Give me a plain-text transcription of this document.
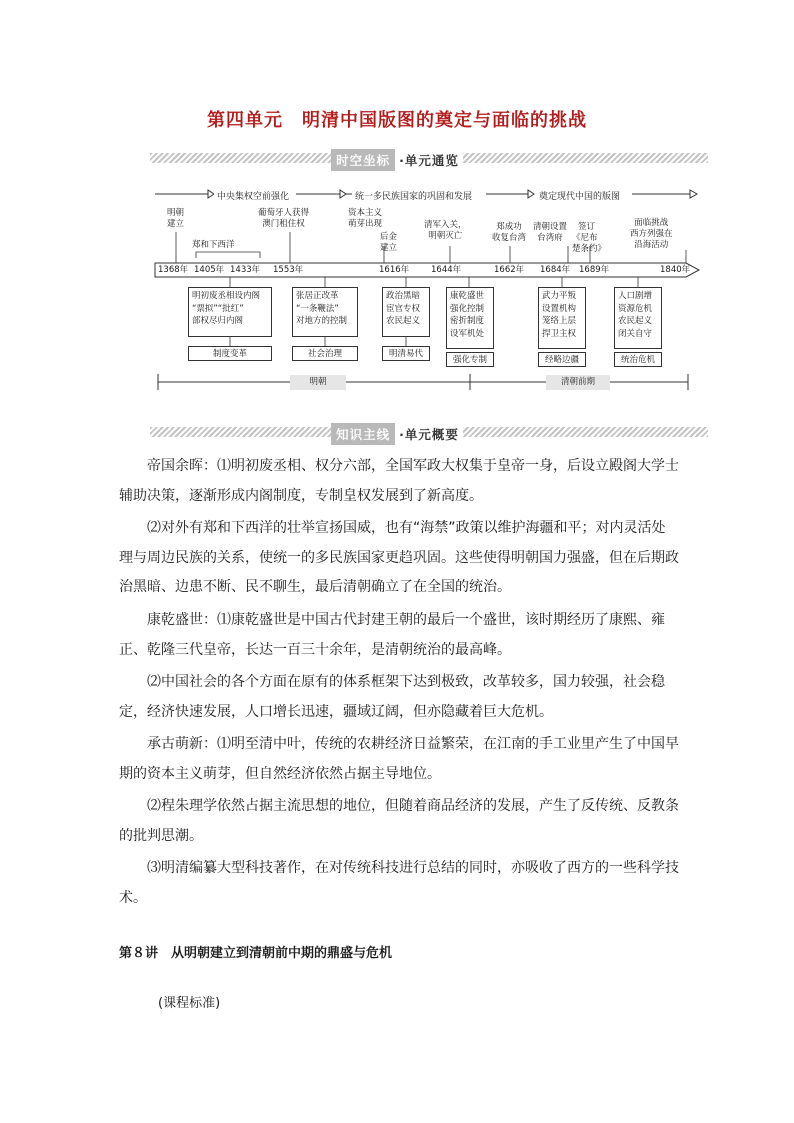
第四单元　明清中国版图的奠定与面临的挑战
时空坐标 ·单元通览
中央集权空前强化	统一多民族国家的巩固和发展	奠定现代中国的版图
明朝
建立
郑和下西洋
葡萄牙人获得
澳门租住权
资本主义
萌芽出现
后金
建立
清军入关，
明朝灭亡
郑成功
收复台湾
清朝设置
台湾府
签订
《尼布
楚条约》
面临挑战
西方列强在
沿海活动
1368年 1405年 1433年 1553年	1616年	1644年	1662年 1684年 1689年	1840年
明初废丞相设内阁
“票拟”“批红”
部权尽归内阁
张居正改革
“一条鞭法”
对地方的控制
政治黑暗
宦官专权
农民起义
康乾盛世
强化控制
密折制度
设军机处
武力平叛
设置机构
笼络上层
捍卫主权
人口剧增
资源危机
农民起义
闭关自守
制度变革	社会治理	明清易代
强化专制	经略边疆	统治危机
明朝	清朝前期
知识主线 ·单元概要
帝国余晖：⑴明初废丞相、权分六部，全国军政大权集于皇帝一身，后设立殿阁大学士辅助决策，逐渐形成内阁制度，专制皇权发展到了新高度。
⑵对外有郑和下西洋的壮举宣扬国威，也有“海禁”政策以维护海疆和平；对内灵活处理与周边民族的关系，使统一的多民族国家更趋巩固。这些使得明朝国力强盛，但在后期政治黑暗、边患不断、民不聊生，最后清朝确立了在全国的统治。
康乾盛世：⑴康乾盛世是中国古代封建王朝的最后一个盛世，该时期经历了康熙、雍正、乾隆三代皇帝，长达一百三十余年，是清朝统治的最高峰。
⑵中国社会的各个方面在原有的体系框架下达到极致，改革较多，国力较强，社会稳定，经济快速发展，人口增长迅速，疆域辽阔，但亦隐藏着巨大危机。
承古萌新：⑴明至清中叶，传统的农耕经济日益繁荣，在江南的手工业里产生了中国早期的资本主义萌芽，但自然经济依然占据主导地位。
⑵程朱理学依然占据主流思想的地位，但随着商品经济的发展，产生了反传统、反教条的批判思潮。
⑶明清编纂大型科技著作，在对传统科技进行总结的同时，亦吸收了西方的一些科学技术。
第８讲　从明朝建立到清朝前中期的鼎盛与危机
(课程标准)
